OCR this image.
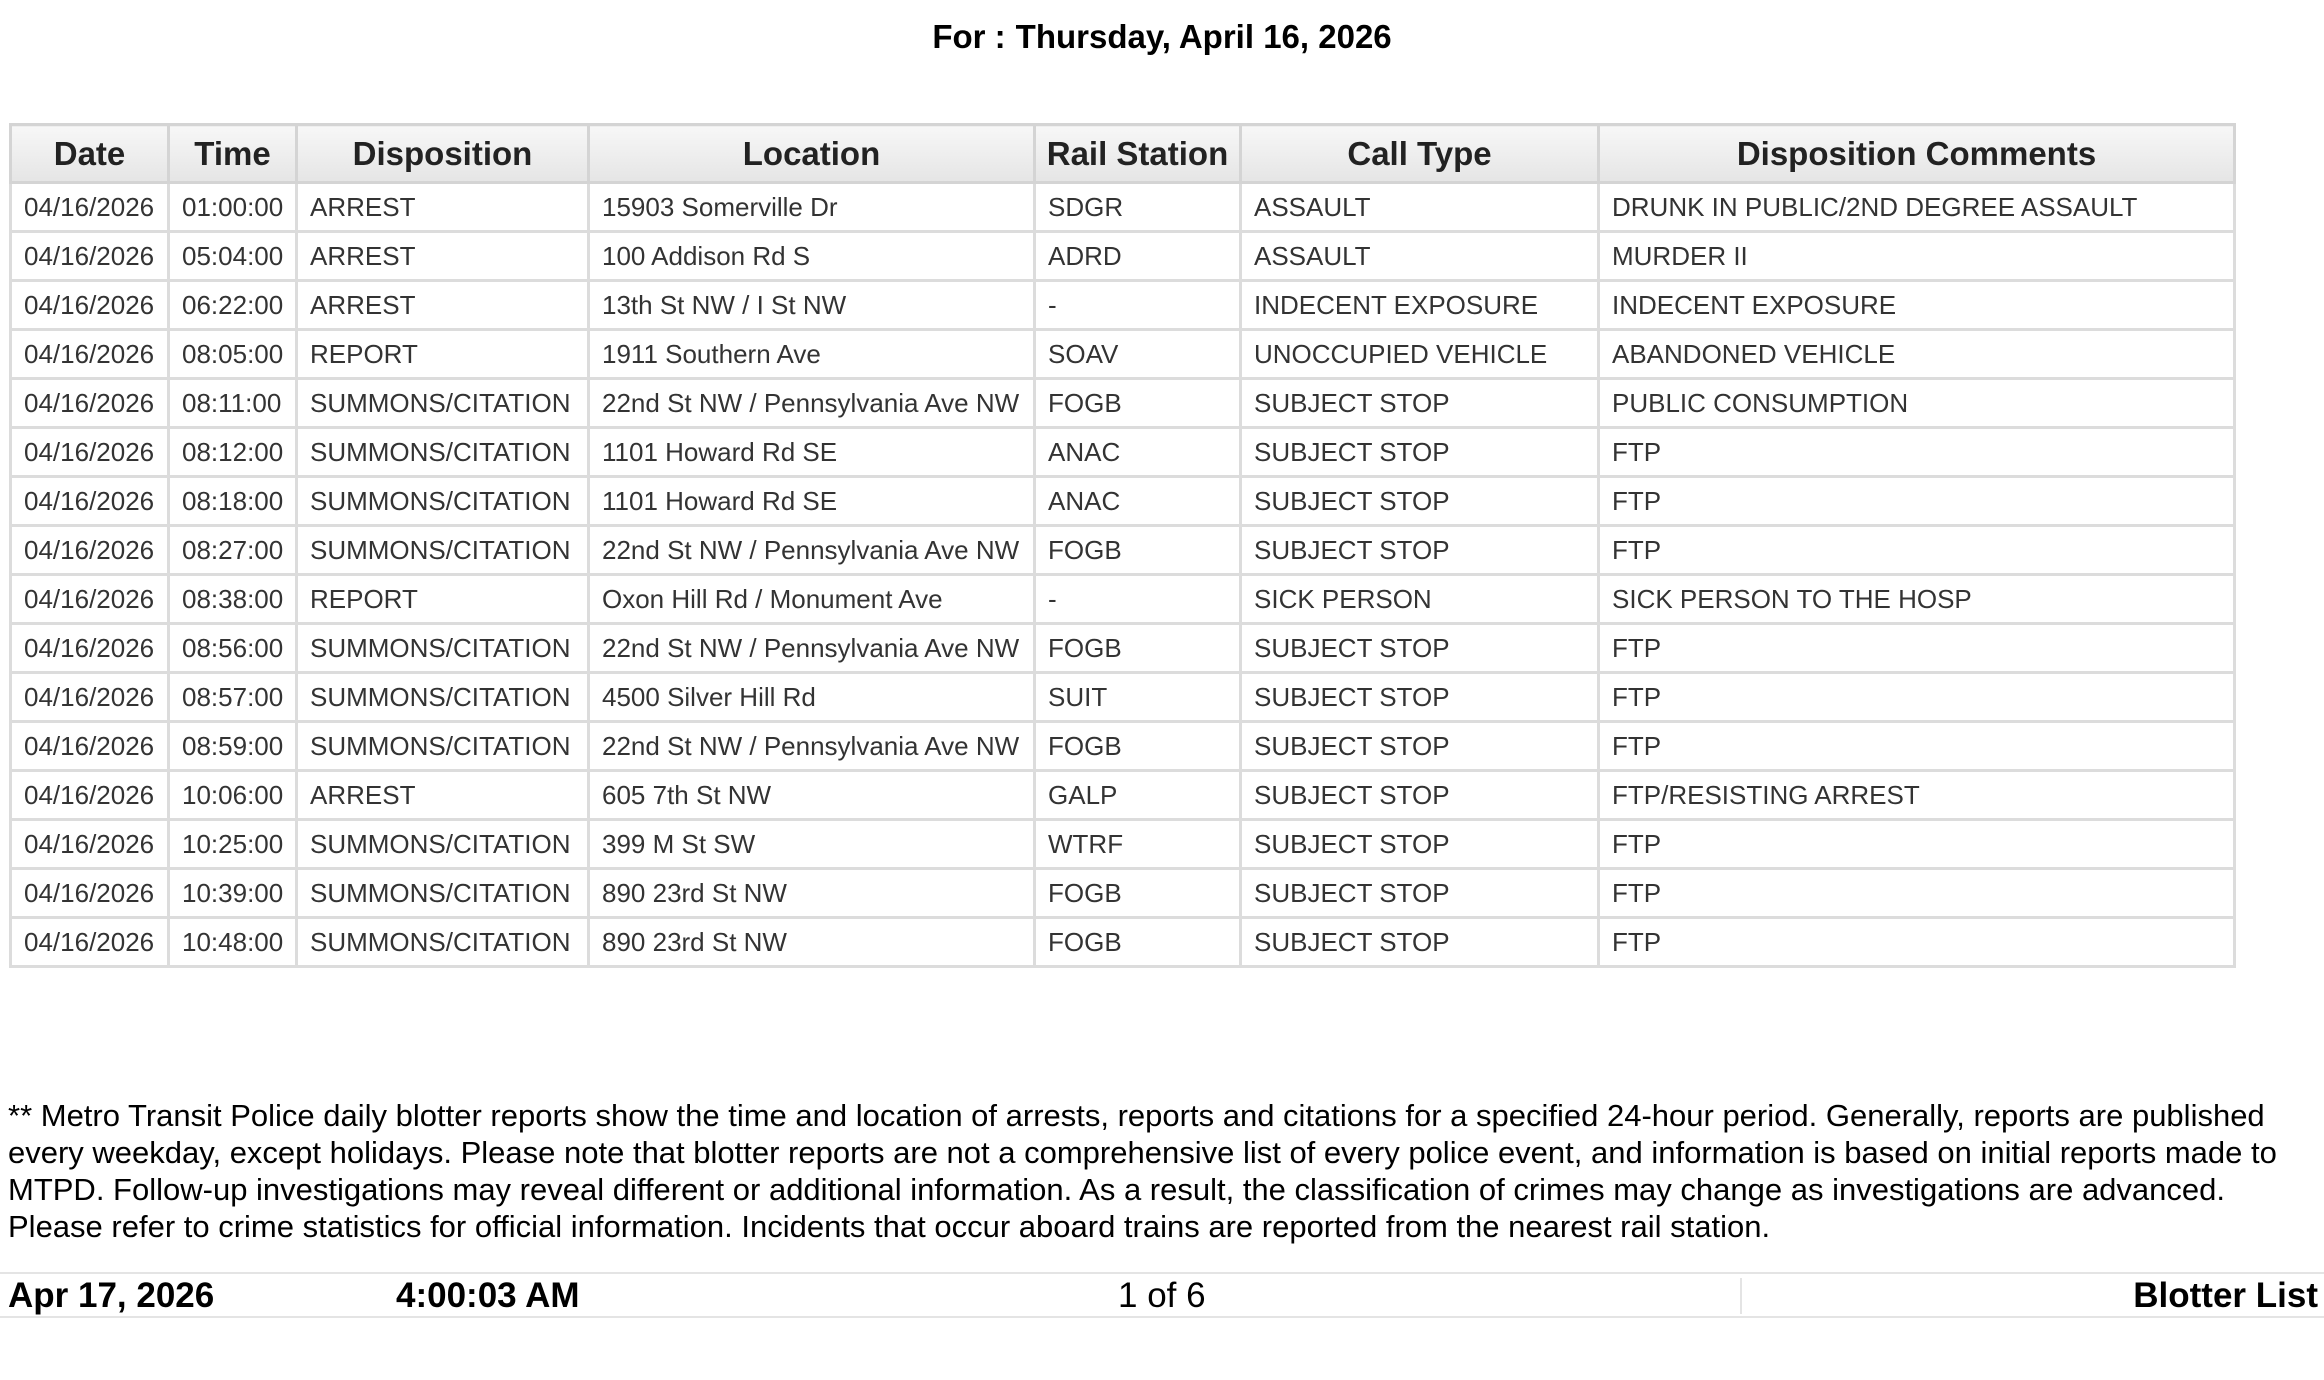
For : Thursday, April 16, 2026
Date	Time	Disposition	Location	Rail Station	Call Type	Disposition Comments
04/16/2026	01:00:00	ARREST	15903 Somerville Dr	SDGR	ASSAULT	DRUNK IN PUBLIC/2ND DEGREE ASSAULT
04/16/2026	05:04:00	ARREST	100 Addison Rd S	ADRD	ASSAULT	MURDER II
04/16/2026	06:22:00	ARREST	13th St NW / I St NW	-	INDECENT EXPOSURE	INDECENT EXPOSURE
04/16/2026	08:05:00	REPORT	1911 Southern Ave	SOAV	UNOCCUPIED VEHICLE	ABANDONED VEHICLE
04/16/2026	08:11:00	SUMMONS/CITATION	22nd St NW / Pennsylvania Ave NW	FOGB	SUBJECT STOP	PUBLIC CONSUMPTION
04/16/2026	08:12:00	SUMMONS/CITATION	1101 Howard Rd SE	ANAC	SUBJECT STOP	FTP
04/16/2026	08:18:00	SUMMONS/CITATION	1101 Howard Rd SE	ANAC	SUBJECT STOP	FTP
04/16/2026	08:27:00	SUMMONS/CITATION	22nd St NW / Pennsylvania Ave NW	FOGB	SUBJECT STOP	FTP
04/16/2026	08:38:00	REPORT	Oxon Hill Rd / Monument Ave	-	SICK PERSON	SICK PERSON TO THE HOSP
04/16/2026	08:56:00	SUMMONS/CITATION	22nd St NW / Pennsylvania Ave NW	FOGB	SUBJECT STOP	FTP
04/16/2026	08:57:00	SUMMONS/CITATION	4500 Silver Hill Rd	SUIT	SUBJECT STOP	FTP
04/16/2026	08:59:00	SUMMONS/CITATION	22nd St NW / Pennsylvania Ave NW	FOGB	SUBJECT STOP	FTP
04/16/2026	10:06:00	ARREST	605 7th St NW	GALP	SUBJECT STOP	FTP/RESISTING ARREST
04/16/2026	10:25:00	SUMMONS/CITATION	399 M St SW	WTRF	SUBJECT STOP	FTP
04/16/2026	10:39:00	SUMMONS/CITATION	890 23rd St NW	FOGB	SUBJECT STOP	FTP
04/16/2026	10:48:00	SUMMONS/CITATION	890 23rd St NW	FOGB	SUBJECT STOP	FTP
** Metro Transit Police daily blotter reports show the time and location of arrests, reports and citations for a specified 24-hour period. Generally, reports are published every weekday, except holidays. Please note that blotter reports are not a comprehensive list of every police event, and information is based on initial reports made to MTPD. Follow-up investigations may reveal different or additional information. As a result, the classification of crimes may change as investigations are advanced. Please refer to crime statistics for official information. Incidents that occur aboard trains are reported from the nearest rail station.
Apr 17, 2026	4:00:03 AM	1 of 6	Blotter List
